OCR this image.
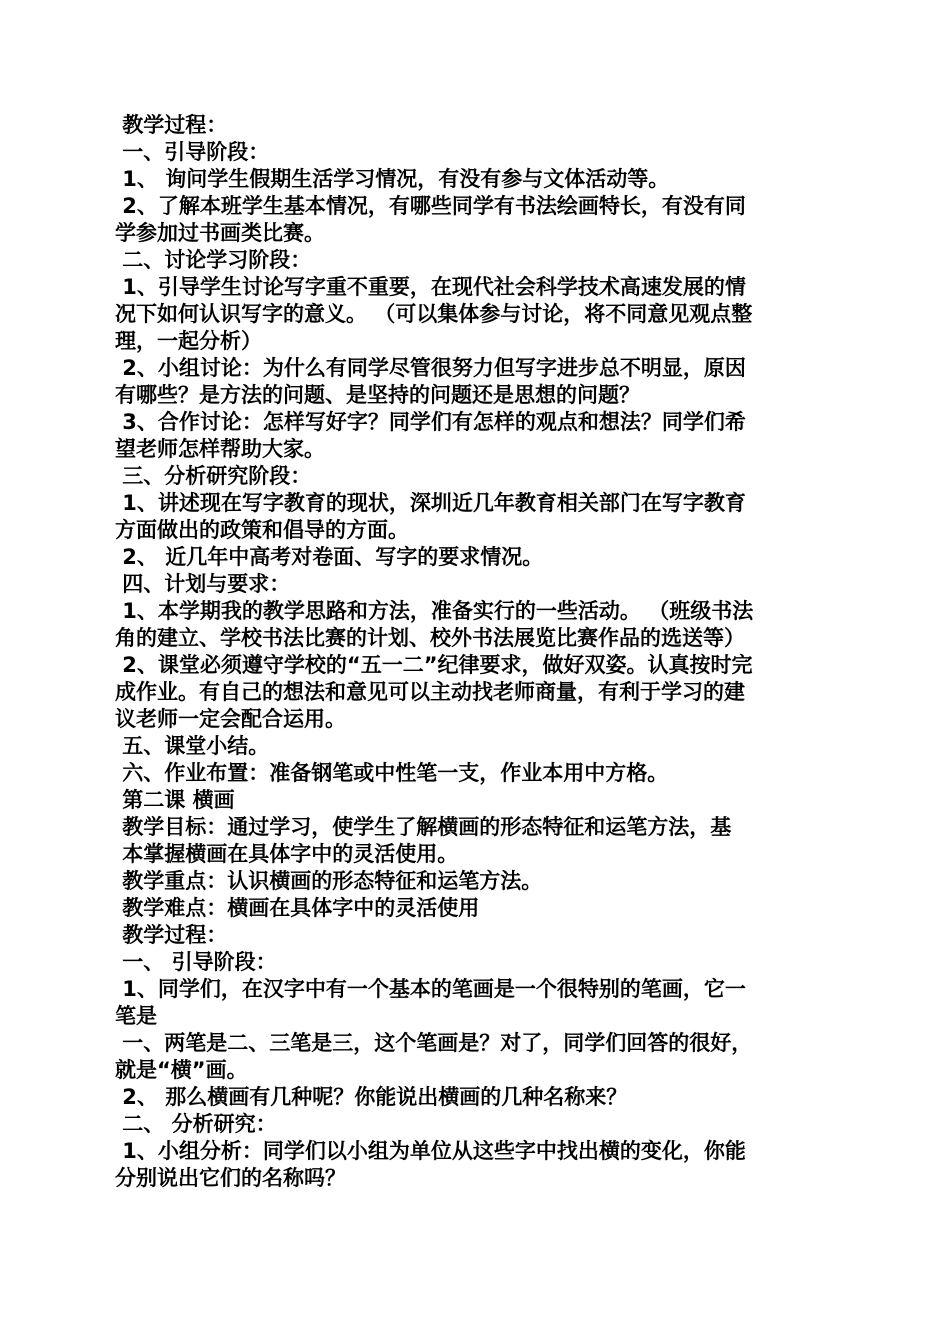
教学过程：

一、引导阶段：

1、 询问学生假期生活学习情况，有没有参与文体活动等。

2、了解本班学生基本情况，有哪些同学有书法绘画特长，有没有同

学参加过书画类比赛。

二、讨论学习阶段：

1、引导学生讨论写字重不重要，在现代社会科学技术高速发展的情

况下如何认识写字的意义。 （可以集体参与讨论，将不同意见观点整

理，一起分析）

2、小组讨论：为什么有同学尽管很努力但写字进步总不明显，原因

有哪些？是方法的问题、是坚持的问题还是思想的问题？

3、合作讨论：怎样写好字？同学们有怎样的观点和想法？同学们希

望老师怎样帮助大家。

三、分析研究阶段：

1、讲述现在写字教育的现状，深圳近几年教育相关部门在写字教育

方面做出的政策和倡导的方面。

2、 近几年中高考对卷面、写字的要求情况。

四、计划与要求：

1、本学期我的教学思路和方法，准备实行的一些活动。 （班级书法

角的建立、学校书法比赛的计划、校外书法展览比赛作品的选送等）

2、课堂必须遵守学校的“五一二”纪律要求，做好双姿。认真按时完

成作业。有自己的想法和意见可以主动找老师商量，有利于学习的建

议老师一定会配合运用。

五、课堂小结。

六、作业布置：准备钢笔或中性笔一支，作业本用中方格。

第二课 横画

教学目标：通过学习，使学生了解横画的形态特征和运笔方法，基

本掌握横画在具体字中的灵活使用。

教学重点：认识横画的形态特征和运笔方法。

教学难点：横画在具体字中的灵活使用

教学过程：

一、 引导阶段：

1、同学们，在汉字中有一个基本的笔画是一个很特别的笔画，它一

笔是

一、两笔是二、三笔是三，这个笔画是？对了，同学们回答的很好，

就是“横”画。

2、 那么横画有几种呢？你能说出横画的几种名称来？

二、 分析研究：

1、小组分析：同学们以小组为单位从这些字中找出横的变化，你能

分别说出它们的名称吗？
